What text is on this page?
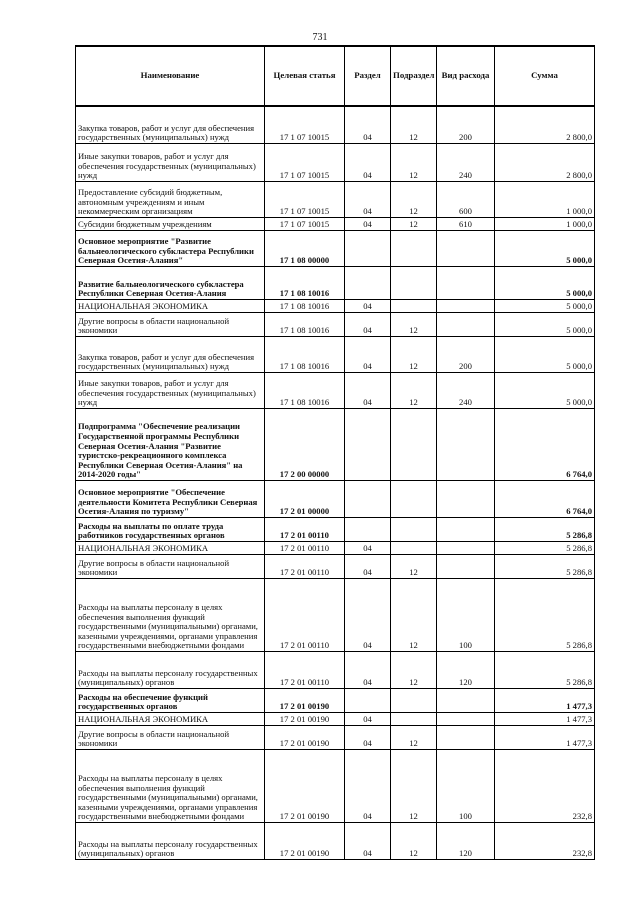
731
Наименование	Целевая статья	Раздел	Подраздел	Вид расхода	Сумма
Закупка товаров, работ и услуг для обеспечения государственных (муниципальных) нужд	17 1 07 10015	04	12	200	2 800,0
Иные закупки товаров, работ и услуг для обеспечения государственных (муниципальных) нужд	17 1 07 10015	04	12	240	2 800,0
Предоставление субсидий бюджетным, автономным учреждениям и иным некоммерческим организациям	17 1 07 10015	04	12	600	1 000,0
Субсидии бюджетным учреждениям	17 1 07 10015	04	12	610	1 000,0
Основное мероприятие "Развитие бальнеологического субкластера Республики Северная Осетия-Алания"	17 1 08 00000				5 000,0
Развитие бальнеологического субкластера Республики Северная Осетия-Алания	17 1 08 10016				5 000,0
НАЦИОНАЛЬНАЯ ЭКОНОМИКА	17 1 08 10016	04			5 000,0
Другие вопросы в области национальной экономики	17 1 08 10016	04	12		5 000,0
Закупка товаров, работ и услуг для обеспечения государственных (муниципальных) нужд	17 1 08 10016	04	12	200	5 000,0
Иные закупки товаров, работ и услуг для обеспечения государственных (муниципальных) нужд	17 1 08 10016	04	12	240	5 000,0
Подпрограмма "Обеспечение реализации Государственной программы Республики Северная Осетия-Алания "Развитие туристско-рекреационного комплекса Республики Северная Осетия-Алания" на 2014-2020 годы"	17 2 00 00000				6 764,0
Основное мероприятие "Обеспечение деятельности Комитета Республики Северная Осетия-Алания по туризму"	17 2 01 00000				6 764,0
Расходы на выплаты по оплате труда работников государственных органов	17 2 01 00110				5 286,8
НАЦИОНАЛЬНАЯ ЭКОНОМИКА	17 2 01 00110	04			5 286,8
Другие вопросы в области национальной экономики	17 2 01 00110	04	12		5 286,8
Расходы на выплаты персоналу в целях обеспечения выполнения функций государственными (муниципальными) органами, казенными учреждениями, органами управления государственными внебюджетными фондами	17 2 01 00110	04	12	100	5 286,8
Расходы на выплаты персоналу государственных (муниципальных) органов	17 2 01 00110	04	12	120	5 286,8
Расходы на обеспечение функций государственных органов	17 2 01 00190				1 477,3
НАЦИОНАЛЬНАЯ ЭКОНОМИКА	17 2 01 00190	04			1 477,3
Другие вопросы в области национальной экономики	17 2 01 00190	04	12		1 477,3
Расходы на выплаты персоналу в целях обеспечения выполнения функций государственными (муниципальными) органами, казенными учреждениями, органами управления государственными внебюджетными фондами	17 2 01 00190	04	12	100	232,8
Расходы на выплаты персоналу государственных (муниципальных) органов	17 2 01 00190	04	12	120	232,8
